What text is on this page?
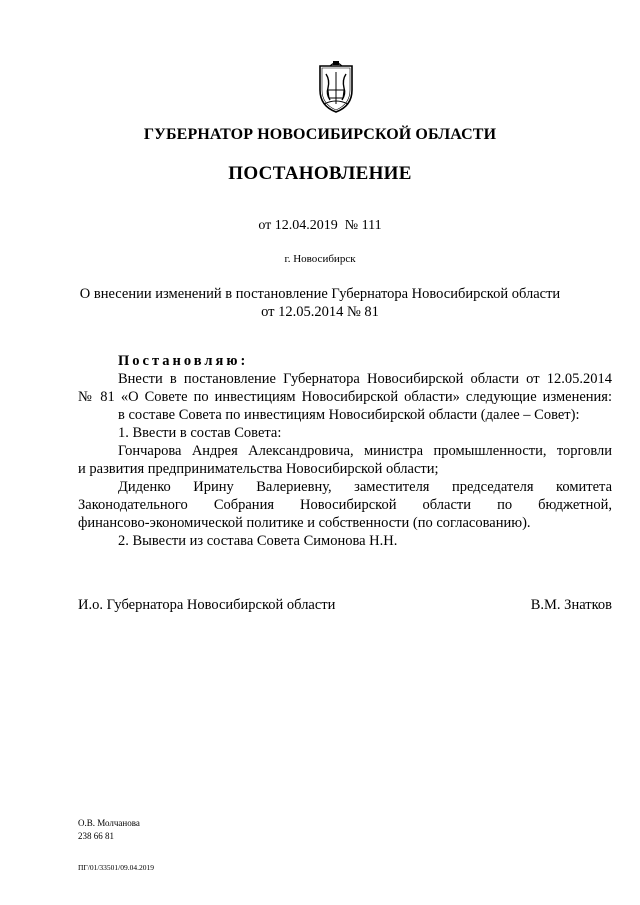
ГУБЕРНАТОР НОВОСИБИРСКОЙ ОБЛАСТИ
ПОСТАНОВЛЕНИЕ
от 12.04.2019  № 111
г. Новосибирск
О внесении изменений в постановление Губернатора Новосибирской области
от 12.05.2014 № 81

Постановляю:

Внести в постановление Губернатора Новосибирской области от 12.05.2014

№ 81 «О Совете по инвестициям Новосибирской области» следующие изменения:

в составе Совета по инвестициям Новосибирской области (далее – Совет):

1. Ввести в состав Совета:

Гончарова Андрея Александровича, министра промышленности, торговли

и развития предпринимательства Новосибирской области;

Диденко Ирину Валериевну, заместителя председателя комитета

Законодательного Собрания Новосибирской области по бюджетной,

финансово-экономической политике и собственности (по согласованию).

2. Вывести из состава Совета Симонова Н.Н.

И.о. Губернатора Новосибирской области	В.М. Знатков
О.В. Молчанова
238 66 81
ПГ/01/33501/09.04.2019
